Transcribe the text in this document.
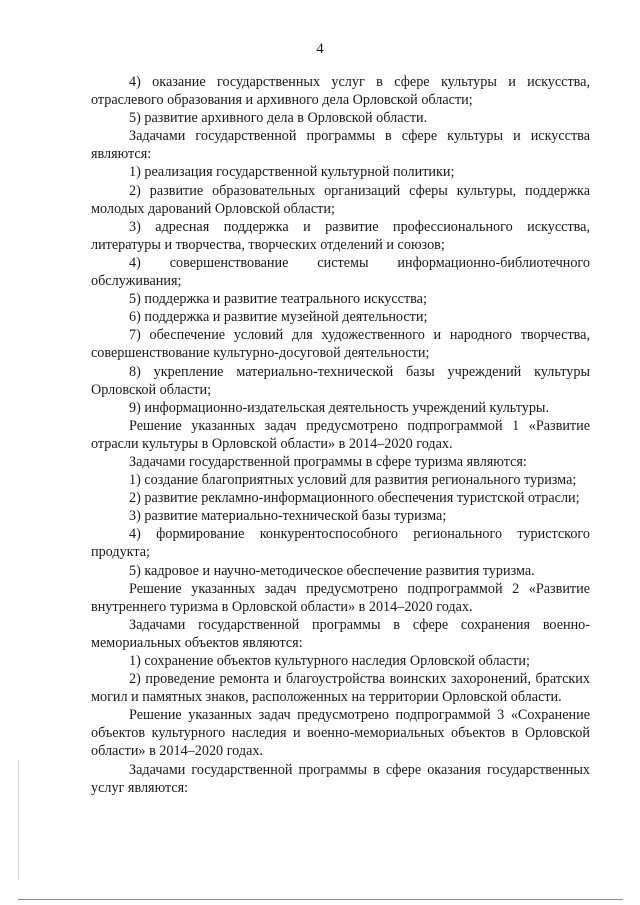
4

4) оказание государственных услуг в сфере культуры и искусства, отраслевого образования и архивного дела Орловской области;

5) развитие архивного дела в Орловской области.

Задачами государственной программы в сфере культуры и искусства являются:

1) реализация государственной культурной политики;

2) развитие образовательных организаций сферы культуры, поддержка молодых дарований Орловской области;

3) адресная поддержка и развитие профессионального искусства, литературы и творчества, творческих отделений и союзов;

4) совершенствование системы информационно-библиотечного обслуживания;

5) поддержка и развитие театрального искусства;

6) поддержка и развитие музейной деятельности;

7) обеспечение условий для художественного и народного творчества, совершенствование культурно-досуговой деятельности;

8) укрепление материально-технической базы учреждений культуры Орловской области;

9) информационно-издательская деятельность учреждений культуры.

Решение указанных задач предусмотрено подпрограммой 1 «Развитие отрасли культуры в Орловской области» в 2014–2020 годах.

Задачами государственной программы в сфере туризма являются:

1) создание благоприятных условий для развития регионального туризма;

2) развитие рекламно-информационного обеспечения туристской отрасли;

3) развитие материально-технической базы туризма;

4) формирование конкурентоспособного регионального туристского продукта;

5) кадровое и научно-методическое обеспечение развития туризма.

Решение указанных задач предусмотрено подпрограммой 2 «Развитие внутреннего туризма в Орловской области» в 2014–2020 годах.

Задачами государственной программы в сфере сохранения военно-мемориальных объектов являются:

1) сохранение объектов культурного наследия Орловской области;

2) проведение ремонта и благоустройства воинских захоронений, братских могил и памятных знаков, расположенных на территории Орловской области.

Решение указанных задач предусмотрено подпрограммой 3 «Сохранение объектов культурного наследия и военно-мемориальных объектов в Орловской области» в 2014–2020 годах.

Задачами государственной программы в сфере оказания государственных услуг являются:
